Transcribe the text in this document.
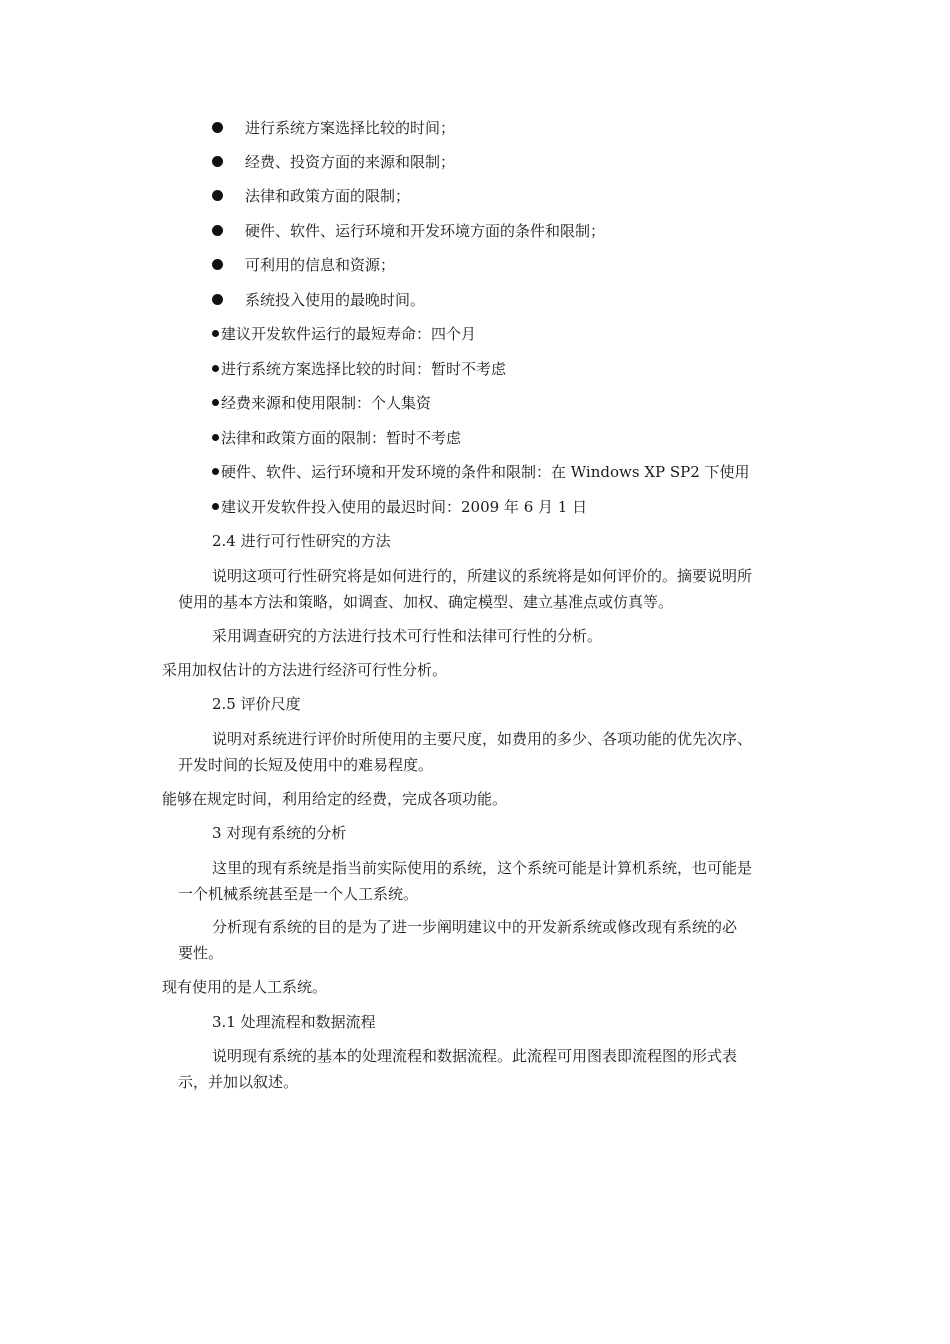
进行系统方案选择比较的时间；
经费、投资方面的来源和限制；
法律和政策方面的限制；
硬件、软件、运行环境和开发环境方面的条件和限制；
可利用的信息和资源；
系统投入使用的最晚时间。
建议开发软件运行的最短寿命：四个月
进行系统方案选择比较的时间：暂时不考虑
经费来源和使用限制：个人集资
法律和政策方面的限制：暂时不考虑
硬件、软件、运行环境和开发环境的条件和限制：在 Windows XP SP2 下使用
建议开发软件投入使用的最迟时间：2009 年 6 月 1 日
2.4 进行可行性研究的方法
说明这项可行性研究将是如何进行的，所建议的系统将是如何评价的。摘要说明所
使用的基本方法和策略，如调查、加权、确定模型、建立基准点或仿真等。
采用调查研究的方法进行技术可行性和法律可行性的分析。
采用加权估计的方法进行经济可行性分析。
2.5 评价尺度
说明对系统进行评价时所使用的主要尺度，如费用的多少、各项功能的优先次序、
开发时间的长短及使用中的难易程度。
能够在规定时间，利用给定的经费，完成各项功能。
3 对现有系统的分析
这里的现有系统是指当前实际使用的系统，这个系统可能是计算机系统，也可能是
一个机械系统甚至是一个人工系统。
分析现有系统的目的是为了进一步阐明建议中的开发新系统或修改现有系统的必
要性。
现有使用的是人工系统。
3.1 处理流程和数据流程
说明现有系统的基本的处理流程和数据流程。此流程可用图表即流程图的形式表
示，并加以叙述。
